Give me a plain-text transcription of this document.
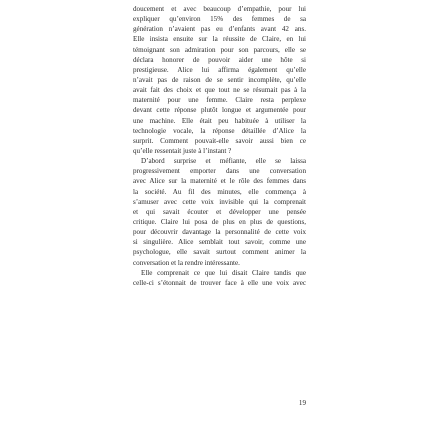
doucement et avec beaucoup d’empathie, pour lui
expliquer qu’environ 15% des femmes de sa
génération n’avaient pas eu d’enfants avant 42 ans.
Elle insista ensuite sur la réussite de Claire, en lui
témoignant son admiration pour son parcours, elle se
déclara honorer de pouvoir aider une hôte si
prestigieuse. Alice lui affirma également qu’elle
n’avait pas de raison de se sentir incomplète, qu’elle
avait fait des choix et que tout ne se résumait pas à la
maternité pour une femme. Claire resta perplexe
devant cette réponse plutôt longue et argumentée pour
une machine. Elle était peu habituée à utiliser la
technologie vocale, la réponse détaillée d’Alice la
surprit. Comment pouvait-elle savoir aussi bien ce
qu’elle ressentait juste à l’instant ?
D’abord surprise et méfiante, elle se laissa
progressivement emporter dans une conversation
avec Alice sur la maternité et le rôle des femmes dans
la société. Au fil des minutes, elle commença à
s’amuser avec cette voix invisible qui la comprenait
et qui savait écouter et développer une pensée
critique. Claire lui posa de plus en plus de questions,
pour découvrir davantage la personnalité de cette voix
si singulière. Alice semblait tout savoir, comme une
psychologue, elle savait surtout comment animer la
conversation et la rendre intéressante.
Elle comprenait ce que lui disait Claire tandis que
celle-ci s’étonnait de trouver face à elle une voix avec
19
